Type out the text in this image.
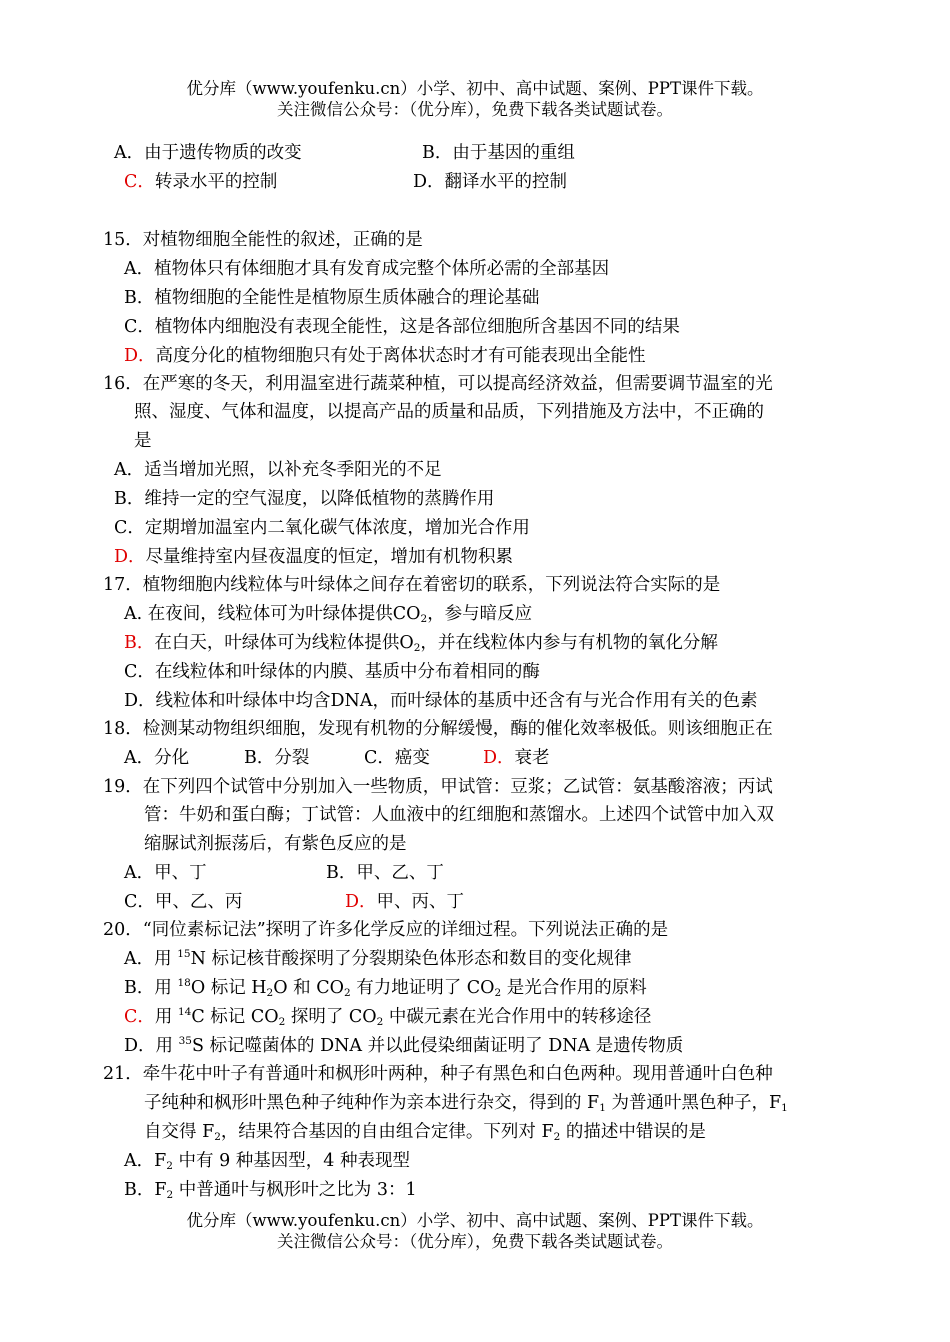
优分库（www.youfenku.cn）小学、初中、高中试题、案例、PPT课件下载。
关注微信公众号：（优分库），免费下载各类试题试卷。
A．由于遗传物质的改变	B．由于基因的重组
C．转录水平的控制	D．翻译水平的控制
15．对植物细胞全能性的叙述，正确的是
A．植物体只有体细胞才具有发育成完整个体所必需的全部基因
B．植物细胞的全能性是植物原生质体融合的理论基础
C．植物体内细胞没有表现全能性，这是各部位细胞所含基因不同的结果
D．高度分化的植物细胞只有处于离体状态时才有可能表现出全能性
16．在严寒的冬天，利用温室进行蔬菜种植，可以提高经济效益，但需要调节温室的光
照、湿度、气体和温度，以提高产品的质量和品质，下列措施及方法中，不正确的
是
A．适当增加光照，以补充冬季阳光的不足
B．维持一定的空气湿度，以降低植物的蒸腾作用
C．定期增加温室内二氧化碳气体浓度，增加光合作用
D．尽量维持室内昼夜温度的恒定，增加有机物积累
17．植物细胞内线粒体与叶绿体之间存在着密切的联系，下列说法符合实际的是
A. 在夜间，线粒体可为叶绿体提供$CO_2$，参与暗反应
B．在白天，叶绿体可为线粒体提供$O_2$，并在线粒体内参与有机物的氧化分解
C．在线粒体和叶绿体的内膜、基质中分布着相同的酶
D．线粒体和叶绿体中均含DNA，而叶绿体的基质中还含有与光合作用有关的色素
18．检测某动物组织细胞，发现有机物的分解缓慢，酶的催化效率极低。则该细胞正在
A．分化	B．分裂	C．癌变	D．衰老
19．在下列四个试管中分别加入一些物质，甲试管：豆浆；乙试管：氨基酸溶液；丙试
管：牛奶和蛋白酶；丁试管：人血液中的红细胞和蒸馏水。上述四个试管中加入双
缩脲试剂振荡后，有紫色反应的是
A．甲、丁	B．甲、乙、丁
C．甲、乙、丙	D．甲、丙、丁
20．“同位素标记法”探明了许多化学反应的详细过程。下列说法正确的是
A．用 $^{15}$N 标记核苷酸探明了分裂期染色体形态和数目的变化规律
B．用 $^{18}$O 标记 $H_2O$ 和 $CO_2$ 有力地证明了 $CO_2$ 是光合作用的原料
C．用 $^{14}$C 标记 $CO_2$ 探明了 $CO_2$ 中碳元素在光合作用中的转移途径
D．用 $^{35}$S 标记噬菌体的 DNA 并以此侵染细菌证明了 DNA 是遗传物质
21．牵牛花中叶子有普通叶和枫形叶两种，种子有黑色和白色两种。现用普通叶白色种
子纯种和枫形叶黑色种子纯种作为亲本进行杂交，得到的 $F_1$ 为普通叶黑色种子，$F_1$
自交得 $F_2$，结果符合基因的自由组合定律。下列对 $F_2$ 的描述中错误的是
A．$F_2$ 中有 9 种基因型，4 种表现型
B．$F_2$ 中普通叶与枫形叶之比为 3：1
优分库（www.youfenku.cn）小学、初中、高中试题、案例、PPT课件下载。
关注微信公众号：（优分库），免费下载各类试题试卷。
